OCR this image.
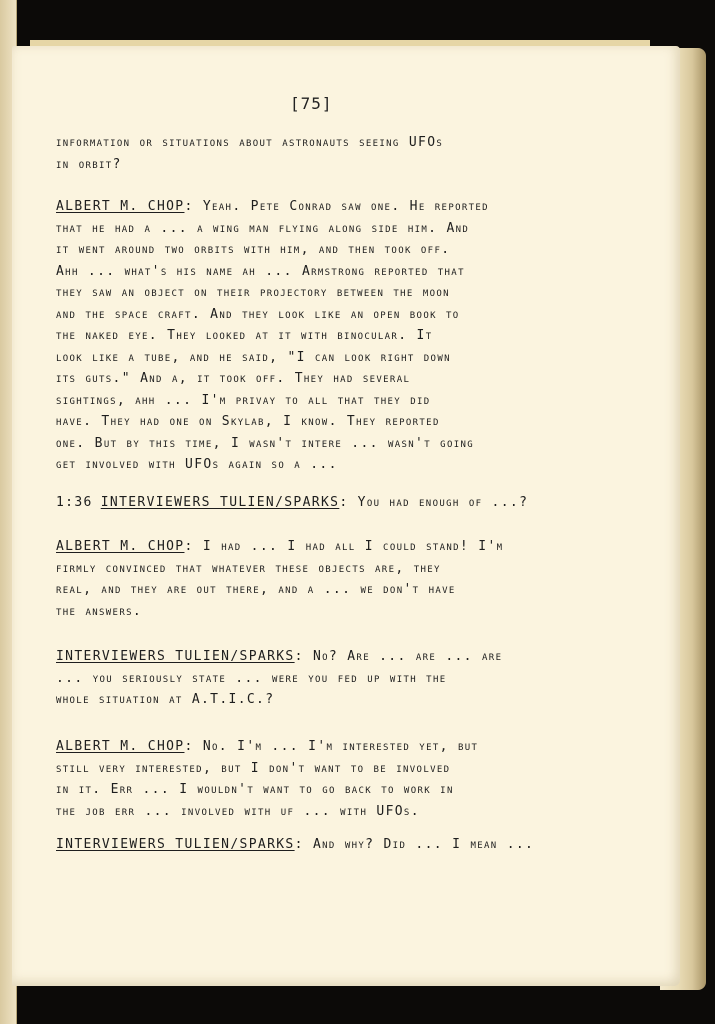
[75]
information or situations about astronauts seeing UFOs
in orbit?
ALBERT M. CHOP: Yeah. Pete Conrad saw one. He reported
that he had a ... a wing man flying along side him. And
it went around two orbits with him, and then took off.
Ahh ... what's his name ah ... Armstrong reported that
they saw an object on their projectory between the moon
and the space craft. And they look like an open book to
the naked eye. They looked at it with binocular. It
look like a tube, and he said, "I can look right down
its guts." And a, it took off. They had several
sightings, ahh ... I'm privay to all that they did
have. They had one on Skylab, I know. They reported
one. But by this time, I wasn't intere ... wasn't going
get involved with UFOs again so a ...
1:36 INTERVIEWERS TULIEN/SPARKS: You had enough of ...?
ALBERT M. CHOP: I had ... I had all I could stand! I'm
firmly convinced that whatever these objects are, they
real, and they are out there, and a ... we don't have
the answers.
INTERVIEWERS TULIEN/SPARKS: No? Are ... are ... are
... you seriously state ... were you fed up with the
whole situation at A.T.I.C.?
ALBERT M. CHOP: No. I'm ... I'm interested yet, but
still very interested, but I don't want to be involved
in it. Err ... I wouldn't want to go back to work in
the job err ... involved with uf ... with UFOs.
INTERVIEWERS TULIEN/SPARKS: And why? Did ... I mean ...
